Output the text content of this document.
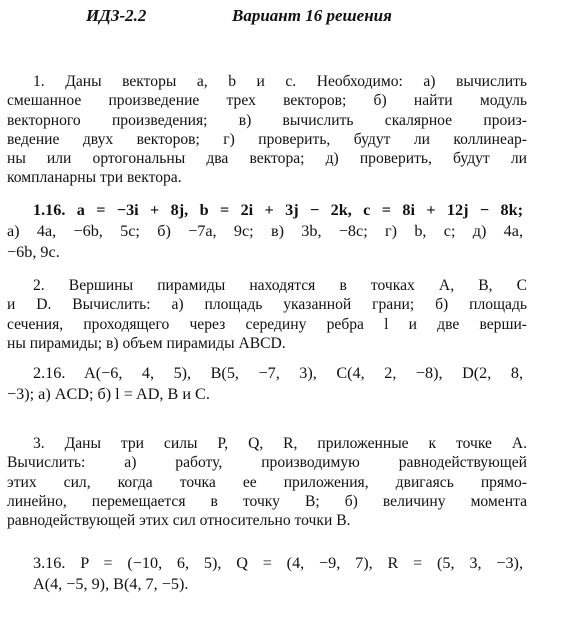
ИДЗ-2.2	Вариант 16 решения
1. Даны векторы a, b и c. Необходимо: а) вычислить
смешанное произведение трех векторов; б) найти модуль
векторного произведения; в) вычислить скалярное произ-
ведение двух векторов; г) проверить, будут ли коллинеар-
ны или ортогональны два вектора; д) проверить, будут ли
компланарны три вектора.
1.16. a = −3i + 8j, b = 2i + 3j − 2k, c = 8i + 12j − 8k;
а) 4a, −6b, 5c; б) −7a, 9c; в) 3b, −8c; г) b, c; д) 4a,
−6b, 9c.
2. Вершины пирамиды находятся в точках A, B, C
и D. Вычислить: а) площадь указанной грани; б) площадь
сечения, проходящего через середину ребра l и две верши-
ны пирамиды; в) объем пирамиды ABCD.
2.16. A(−6, 4, 5), B(5, −7, 3), C(4, 2, −8), D(2, 8,
−3); а) ACD; б) l = AD, B и C.
3. Даны три силы P, Q, R, приложенные к точке A.
Вычислить: а) работу, производимую равнодействующей
этих сил, когда точка ее приложения, двигаясь прямо-
линейно, перемещается в точку B; б) величину момента
равнодействующей этих сил относительно точки B.
3.16. P = (−10, 6, 5), Q = (4, −9, 7), R = (5, 3, −3),
A(4, −5, 9), B(4, 7, −5).
